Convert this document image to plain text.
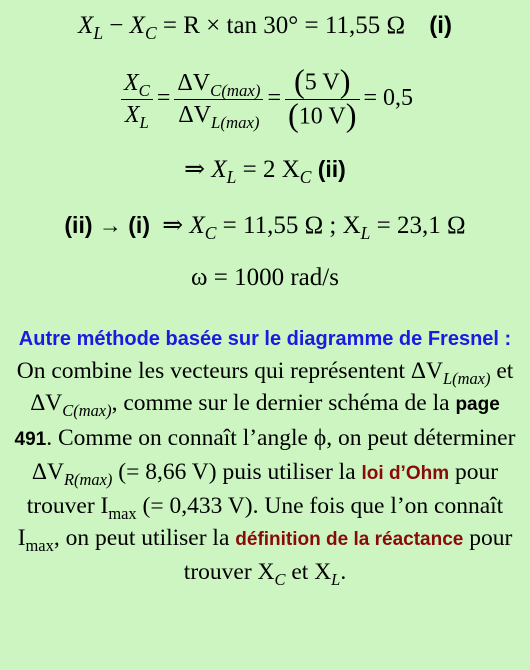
$X_L - X_C = R \times \tan 30^\circ = 11,55$ Ω (i)
$\frac{X_C}{X_L} = \frac{\Delta V_{C(max)}}{\Delta V_{L(max)}} = \frac{(5 V)}{(10 V)} = 0,5$
⇒ $X_L = 2$ $X_C$ (ii)
(ii) → (i) ⇒ $X_C = 11,55$ Ω ; $X_L = 23,1$ Ω
ω = 1000 rad/s
Autre méthode basée sur le diagramme de Fresnel : On combine les vecteurs qui représentent $\Delta V_{L(max)}$ et $\Delta V_{C(max)}$, comme sur le dernier schéma de la page 491. Comme on connaît l’angle ϕ, on peut déterminer $\Delta V_{R(max)}$ (= 8,66 V) puis utiliser la loi d’Ohm pour trouver $I_{max}$ (= 0,433 V). Une fois que l’on connaît $I_{max}$, on peut utiliser la définition de la réactance pour trouver $X_C$ et $X_L$.
